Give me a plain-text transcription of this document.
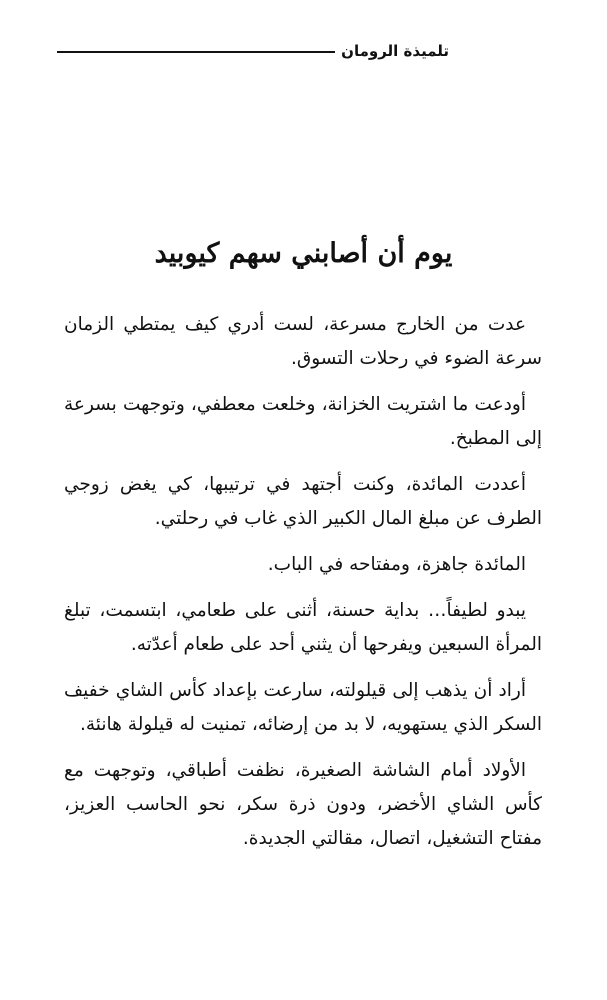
تلميذة الرومان
يوم أن أصابني سهم كيوبيد

عدت من الخارج مسرعة، لست أدري كيف يمتطي الزمان سرعة الضوء في رحلات التسوق.

أودعت ما اشتريت الخزانة، وخلعت معطفي، وتوجهت بسرعة إلى المطبخ.

أعددت المائدة، وكنت أجتهد في ترتيبها، كي يغض زوجي الطرف عن مبلغ المال الكبير الذي غاب في رحلتي.

المائدة جاهزة، ومفتاحه في الباب.

يبدو لطيفاً… بداية حسنة، أثنى على طعامي، ابتسمت، تبلغ المرأة السبعين ويفرحها أن يثني أحد على طعام أعدّته.

أراد أن يذهب إلى قيلولته، سارعت بإعداد كأس الشاي خفيف السكر الذي يستهويه، لا بد من إرضائه، تمنيت له قيلولة هانئة.

الأولاد أمام الشاشة الصغيرة، نظفت أطباقي، وتوجهت مع كأس الشاي الأخضر، ودون ذرة سكر، نحو الحاسب العزيز، مفتاح التشغيل، اتصال، مقالتي الجديدة.
